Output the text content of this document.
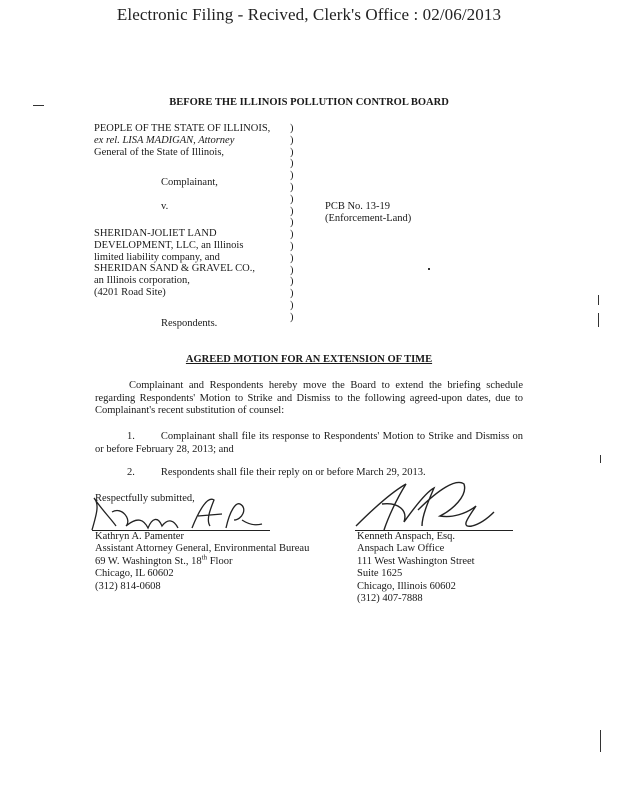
Electronic Filing - Recived, Clerk's Office : 02/06/2013
BEFORE THE ILLINOIS POLLUTION CONTROL BOARD
PEOPLE OF THE STATE OF ILLINOIS,
ex rel. LISA MADIGAN, Attorney
General of the State of Illinois,
Complainant,
v.
SHERIDAN-JOLIET LAND
DEVELOPMENT, LLC, an Illinois
limited liability company, and
SHERIDAN SAND & GRAVEL CO.,
an Illinois corporation,
(4201 Road Site)
Respondents.
)
)
)
)
)
)
)
)
)
)
)
)
)
)
)
)
)
PCB No. 13-19
(Enforcement-Land)
AGREED MOTION FOR AN EXTENSION OF TIME
Complainant and Respondents hereby move the Board to extend the briefing schedule regarding Respondents' Motion to Strike and Dismiss to the following agreed-upon dates, due to Complainant's recent substitution of counsel:
1. Complainant shall file its response to Respondents' Motion to Strike and Dismiss on or before February 28, 2013; and
2. Respondents shall file their reply on or before March 29, 2013.
Respectfully submitted,
Kathryn A. Pamenter
Assistant Attorney General, Environmental Bureau
69 W. Washington St., 18th Floor
Chicago, IL 60602
(312) 814-0608
Kenneth Anspach, Esq.
Anspach Law Office
111 West Washington Street
Suite 1625
Chicago, Illinois 60602
(312) 407-7888
